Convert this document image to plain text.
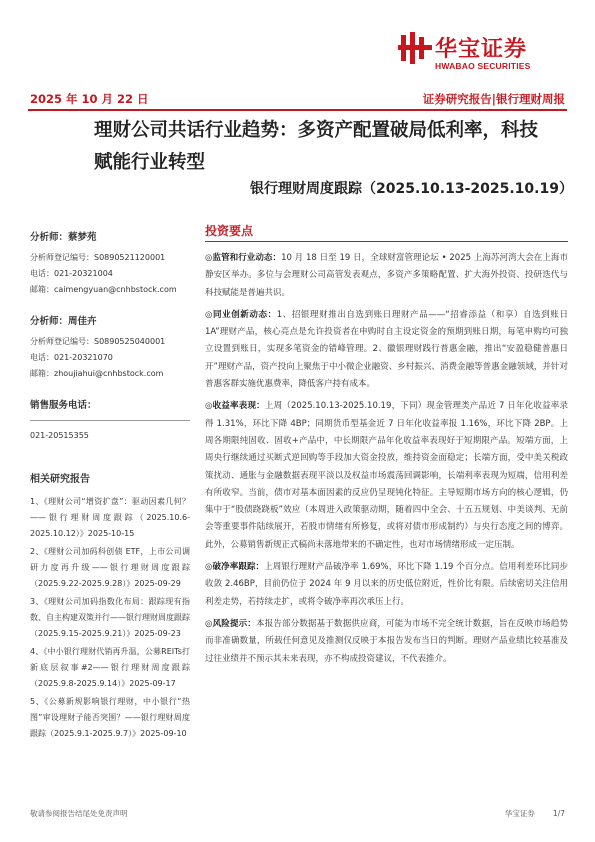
华宝证券
HWABAO SECURITIES
2025 年 10 月 22 日	证券研究报告|银行理财周报
理财公司共话行业趋势：多资产配置破局低利率，科技赋能行业转型
银行理财周度跟踪（2025.10.13-2025.10.19）
分析师：蔡梦苑
分析师登记编号：S0890521120001
电话：021-20321004
邮箱：caimengyuan@cnhbstock.com
分析师：周佳卉
分析师登记编号：S0890525040001
电话：021-20321070
邮箱：zhoujiahui@cnhbstock.com
销售服务电话：
021-20515355
相关研究报告
1、《理财公司“增资扩盘”：驱动因素几何？——银行理财周度跟踪（2025.10.6-2025.10.12）》2025-10-15
2、《理财公司加码科创债 ETF，上市公司调研力度再升级——银行理财周度跟踪（2025.9.22-2025.9.28）》2025-09-29
3、《理财公司加码指数化布局：跟踪现有指数、自主构建双策并行——银行理财周度跟踪（2025.9.15-2025.9.21）》2025-09-23
4、《中小银行理财代销再升温，公募REITs打新底层叙事#2——银行理财周度跟踪（2025.9.8-2025.9.14）》2025-09-17
5、《公募新规影响银行理财，中小银行“热图”审设理财子能否突围？——银行理财周度跟踪（2025.9.1-2025.9.7）》2025-09-10
投资要点
◎监管和行业动态：10 月 18 日至 19 日，全球财富管理论坛 • 2025 上海苏河湾大会在上海市静安区举办。多位与会理财公司高管发表观点，多资产多策略配置、扩大海外投资、投研迭代与科技赋能是普遍共识。
◎同业创新动态：1、招银理财推出自选到账日理财产品——“招睿添益（和享）自选到账日 1A”理财产品，核心亮点是允许投资者在申购时自主设定资金的预期到账日期，每笔申购均可独立设置到账日，实现多笔资金的错峰管理。2、徽银理财践行普惠金融，推出“安盈稳健普惠日开”理财产品，资产投向上聚焦于中小微企业融资、乡村振兴、消费金融等普惠金融领域，并针对普惠客群实施优惠费率，降低客户持有成本。
◎收益率表现：上周（2025.10.13-2025.10.19，下同）现金管理类产品近 7 日年化收益率录得 1.31%，环比下降 4BP；同期货币型基金近 7 日年化收益率报 1.16%，环比下降 2BP。上周各期限纯固收、固收+产品中，中长期限产品年化收益率表现好于短期限产品。短端方面，上周央行继续通过买断式逆回购等手段加大资金投放，维持资金面稳定；长端方面，受中美关税政策扰动、通胀与金融数据表现平淡以及权益市场震荡回调影响，长端利率表现为短端，信用利差有所收窄。当前，债市对基本面因素的反应仍呈现钝化特征。主导短期市场方向的核心逻辑，仍集中于“股债跷跷板”效应（本周进入政策驱动期，随着四中全会、十五五规划、中美谈判、无前会等重要事件陆续展开，若股市情绪有所修复，或将对债市形成制约）与央行态度之间的博弈。此外，公募销售新规正式稿尚未落地带来的不确定性，也对市场情绪形成一定压制。
◎破净率跟踪：上周银行理财产品破净率 1.69%，环比下降 1.19 个百分点。信用利差环比同步收敛 2.46BP，目前仍位于 2024 年 9 月以来的历史低位附近，性价比有限。后续密切关注信用利差走势，若持续走扩，或将令破净率再次承压上行。
◎风险提示：本报告部分数据基于数据供应商，可能为市场不完全统计数据，旨在反映市场趋势而非准确数量，所载任何意见及推测仅反映于本报告发布当日的判断。理财产品业绩比较基准及过往业绩并不预示其未来表现，亦不构成投资建议，不代表推介。
敬请参阅报告结尾处免责声明	华宝证券 1/7
